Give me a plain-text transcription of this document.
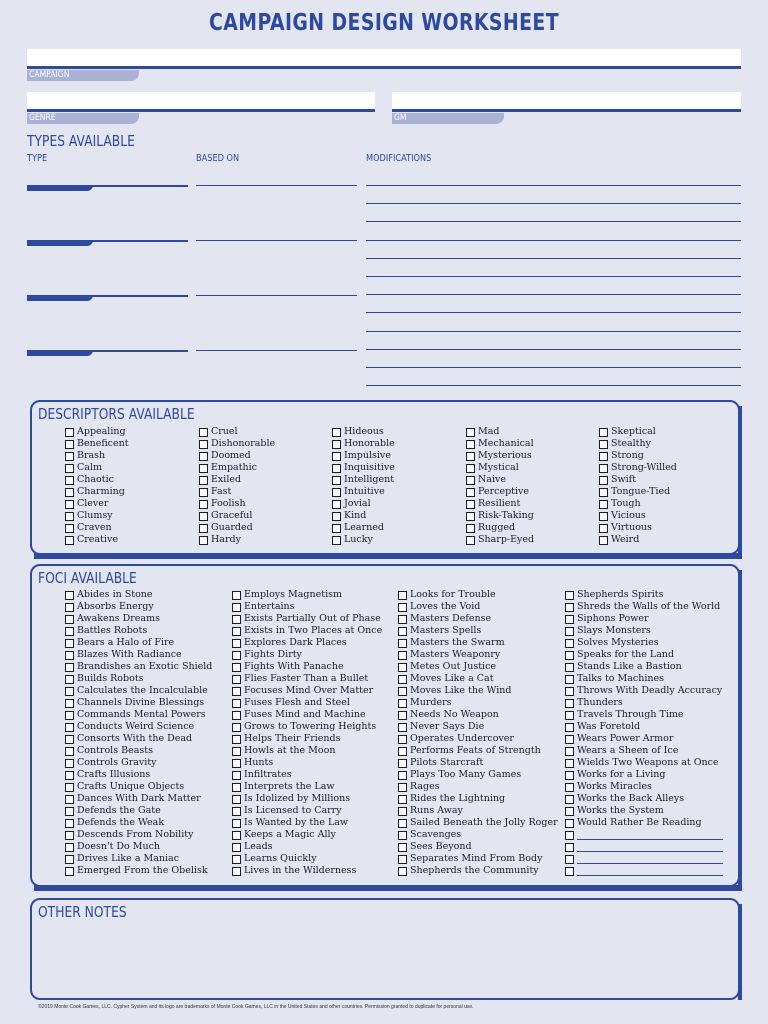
CAMPAIGN DESIGN WORKSHEET
CAMPAIGN
GENRE	GM
TYPES AVAILABLE
TYPE	BASED ON	MODIFICATIONS
DESCRIPTORS AVAILABLE
Appealing
Beneficent
Brash
Calm
Chaotic
Charming
Clever
Clumsy
Craven
Creative
Cruel
Dishonorable
Doomed
Empathic
Exiled
Fast
Foolish
Graceful
Guarded
Hardy
Hideous
Honorable
Impulsive
Inquisitive
Intelligent
Intuitive
Jovial
Kind
Learned
Lucky
Mad
Mechanical
Mysterious
Mystical
Naive
Perceptive
Resilient
Risk-Taking
Rugged
Sharp-Eyed
Skeptical
Stealthy
Strong
Strong-Willed
Swift
Tongue-Tied
Tough
Vicious
Virtuous
Weird
FOCI AVAILABLE
Abides in Stone
Absorbs Energy
Awakens Dreams
Battles Robots
Bears a Halo of Fire
Blazes With Radiance
Brandishes an Exotic Shield
Builds Robots
Calculates the Incalculable
Channels Divine Blessings
Commands Mental Powers
Conducts Weird Science
Consorts With the Dead
Controls Beasts
Controls Gravity
Crafts Illusions
Crafts Unique Objects
Dances With Dark Matter
Defends the Gate
Defends the Weak
Descends From Nobility
Doesn't Do Much
Drives Like a Maniac
Emerged From the Obelisk
Employs Magnetism
Entertains
Exists Partially Out of Phase
Exists in Two Places at Once
Explores Dark Places
Fights Dirty
Fights With Panache
Flies Faster Than a Bullet
Focuses Mind Over Matter
Fuses Flesh and Steel
Fuses Mind and Machine
Grows to Towering Heights
Helps Their Friends
Howls at the Moon
Hunts
Infiltrates
Interprets the Law
Is Idolized by Millions
Is Licensed to Carry
Is Wanted by the Law
Keeps a Magic Ally
Leads
Learns Quickly
Lives in the Wilderness
Looks for Trouble
Loves the Void
Masters Defense
Masters Spells
Masters the Swarm
Masters Weaponry
Metes Out Justice
Moves Like a Cat
Moves Like the Wind
Murders
Needs No Weapon
Never Says Die
Operates Undercover
Performs Feats of Strength
Pilots Starcraft
Plays Too Many Games
Rages
Rides the Lightning
Runs Away
Sailed Beneath the Jolly Roger
Scavenges
Sees Beyond
Separates Mind From Body
Shepherds the Community
Shepherds Spirits
Shreds the Walls of the World
Siphons Power
Slays Monsters
Solves Mysteries
Speaks for the Land
Stands Like a Bastion
Talks to Machines
Throws With Deadly Accuracy
Thunders
Travels Through Time
Was Foretold
Wears Power Armor
Wears a Sheen of Ice
Wields Two Weapons at Once
Works for a Living
Works Miracles
Works the Back Alleys
Works the System
Would Rather Be Reading
OTHER NOTES
©2019 Monte Cook Games, LLC. Cypher System and its logo are trademarks of Monte Cook Games, LLC in the United States and other countries. Permission granted to duplicate for personal use.
